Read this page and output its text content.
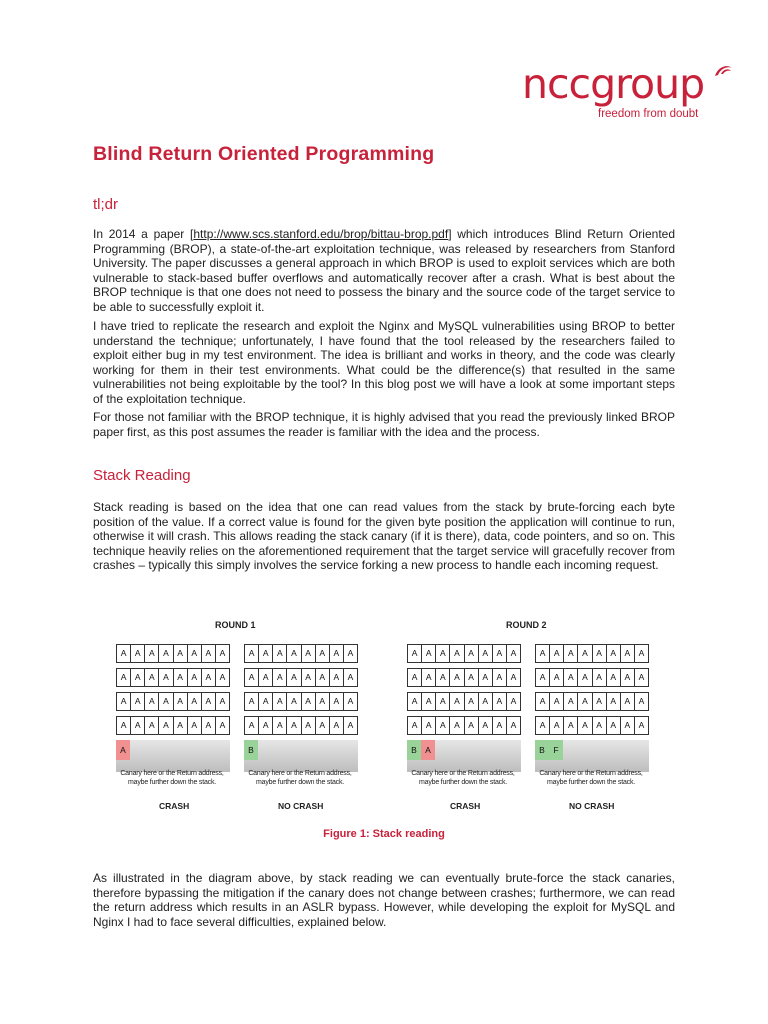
nccgroup
freedom from doubt
Blind Return Oriented Programming
tl;dr

In 2014 a paper [http://www.scs.stanford.edu/brop/bittau-brop.pdf] which introduces Blind Return Oriented Programming (BROP), a state-of-the-art exploitation technique, was released by researchers from Stanford University. The paper discusses a general approach in which BROP is used to exploit services which are both vulnerable to stack-based buffer overflows and automatically recover after a crash. What is best about the BROP technique is that one does not need to possess the binary and the source code of the target service to be able to successfully exploit it.

I have tried to replicate the research and exploit the Nginx and MySQL vulnerabilities using BROP to better understand the technique; unfortunately, I have found that the tool released by the researchers failed to exploit either bug in my test environment. The idea is brilliant and works in theory, and the code was clearly working for them in their test environments. What could be the difference(s) that resulted in the same vulnerabilities not being exploitable by the tool? In this blog post we will have a look at some important steps of the exploitation technique.

For those not familiar with the BROP technique, it is highly advised that you read the previously linked BROP paper first, as this post assumes the reader is familiar with the idea and the process.

Stack Reading

Stack reading is based on the idea that one can read values from the stack by brute-forcing each byte position of the value. If a correct value is found for the given byte position the application will continue to run, otherwise it will crash. This allows reading the stack canary (if it is there), data, code pointers, and so on. This technique heavily relies on the aforementioned requirement that the target service will gracefully recover from crashes – typically this simply involves the service forking a new process to handle each incoming request.

ROUND 1	ROUND 2
A A A A A A A A
A A A A A A A A
A A A A A A A A
A A A A A A A A
A
Canary here or the Return address,
maybe further down the stack.
A A A A A A A A
A A A A A A A A
A A A A A A A A
A A A A A A A A
B
Canary here or the Return address,
maybe further down the stack.
A A A A A A A A
A A A A A A A A
A A A A A A A A
A A A A A A A A
B A
Canary here or the Return address,
maybe further down the stack.
A A A A A A A A
A A A A A A A A
A A A A A A A A
A A A A A A A A
B	F
Canary here or the Return address,
maybe further down the stack.
CRASH	NO CRASH	CRASH	NO CRASH
Figure 1: Stack reading

As illustrated in the diagram above, by stack reading we can eventually brute-force the stack canaries, therefore bypassing the mitigation if the canary does not change between crashes; furthermore, we can read the return address which results in an ASLR bypass. However, while developing the exploit for MySQL and Nginx I had to face several difficulties, explained below.
